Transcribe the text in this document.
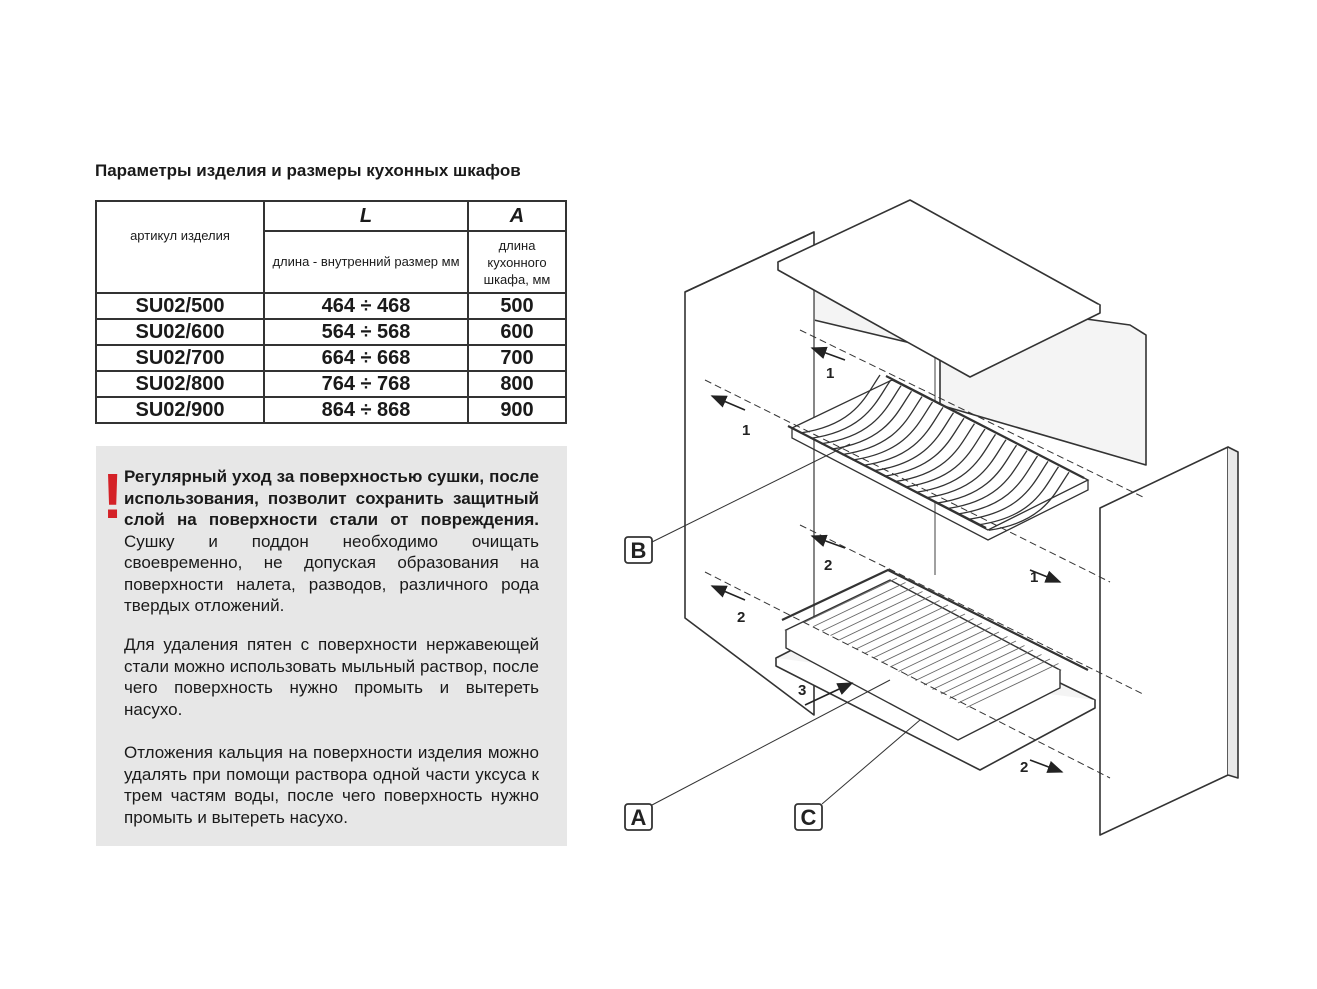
Параметры изделия и размеры кухонных шкафов
артикул изделия	L	A
	длина - внутренний размер мм	длина кухонного шкафа, мм
SU02/500	464 ÷ 468	500
SU02/600	564 ÷ 568	600
SU02/700	664 ÷ 668	700
SU02/800	764 ÷ 768	800
SU02/900	864 ÷ 868	900
! Регулярный уход за поверхностью сушки, после использования, позволит сохранить защитный слой на поверхности стали от повреждения. Сушку и поддон необходимо очищать своевременно, не допуская образования на поверхности налета, разводов, различного рода твердых отложений.
Для удаления пятен с поверхности нержавеющей стали можно использовать мыльный раствор, после чего поверхность нужно промыть и вытереть насухо.
Отложения кальция на поверхности изделия можно удалять при помощи раствора одной части уксуса к трем частям воды, после чего поверхность нужно промыть и вытереть насухо.
1
1
1
2
2
2
3
B
A	C
